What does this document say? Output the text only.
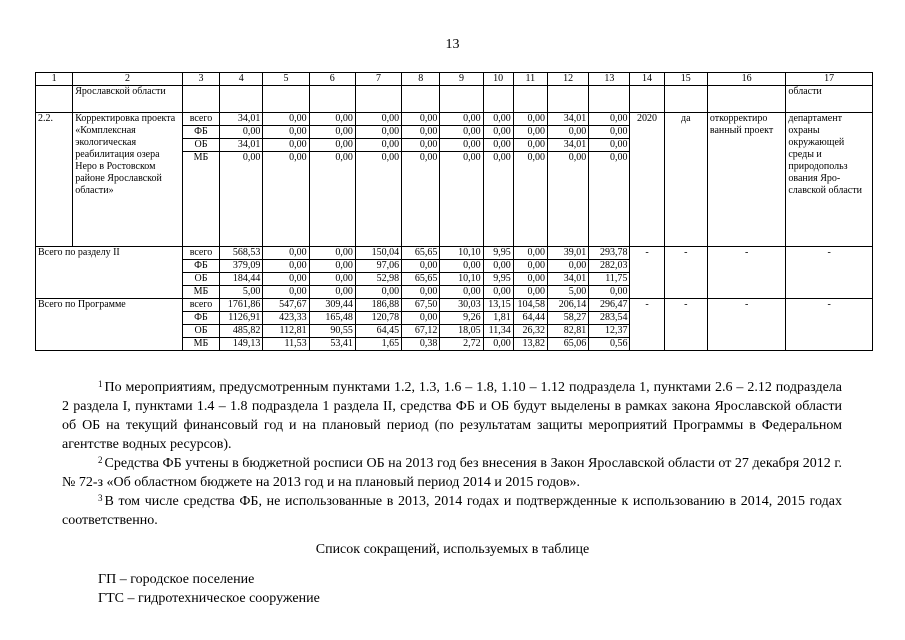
13
1	2	3	4	5	6	7	8	9	10	11	12	13	14	15	16	17
	Ярославской области															области
2.2.	Корректировка проекта «Комплексная экологическая реабилитация озера Неро в Ростовском районе Ярославской области»	всего	34,01	0,00	0,00	0,00	0,00	0,00	0,00	0,00	34,01	0,00	2020	да	откорректиро ванный проект	департамент охраны окружающей среды и природопольз ования Яро- славской области
		ФБ	0,00	0,00	0,00	0,00	0,00	0,00	0,00	0,00	0,00	0,00				
		ОБ	34,01	0,00	0,00	0,00	0,00	0,00	0,00	0,00	34,01	0,00				
		МБ	0,00	0,00	0,00	0,00	0,00	0,00	0,00	0,00	0,00	0,00				
Всего по разделу II		всего	568,53	0,00	0,00	150,04	65,65	10,10	9,95	0,00	39,01	293,78	-	-	-	-
		ФБ	379,09	0,00	0,00	97,06	0,00	0,00	0,00	0,00	0,00	282,03				
		ОБ	184,44	0,00	0,00	52,98	65,65	10,10	9,95	0,00	34,01	11,75				
		МБ	5,00	0,00	0,00	0,00	0,00	0,00	0,00	0,00	5,00	0,00				
Всего по Программе		всего	1761,86	547,67	309,44	186,88	67,50	30,03	13,15	104,58	206,14	296,47	-	-	-	-
		ФБ	1126,91	423,33	165,48	120,78	0,00	9,26	1,81	64,44	58,27	283,54				
		ОБ	485,82	112,81	90,55	64,45	67,12	18,05	11,34	26,32	82,81	12,37				
		МБ	149,13	11,53	53,41	1,65	0,38	2,72	0,00	13,82	65,06	0,56				

$^1$ По мероприятиям, предусмотренным пунктами 1.2, 1.3, 1.6 – 1.8, 1.10 – 1.12 подраздела 1, пунктами 2.6 – 2.12 подраздела 2 раздела I, пунктами 1.4 – 1.8 подраздела 1 раздела II, средства ФБ и ОБ будут выделены в рамках закона Ярославской области об ОБ на текущий финансовый год и на плановый период (по результатам защиты мероприятий Программы в Федеральном агентстве водных ресурсов).

$^2$ Средства ФБ учтены в бюджетной росписи ОБ на 2013 год без внесения в Закон Ярославской области от 27 декабря 2012 г. № 72-з «Об областном бюджете на 2013 год и на плановый период 2014 и 2015 годов».

$^3$ В том числе средства ФБ, не использованные в 2013, 2014 годах и подтвержденные к использованию в 2014, 2015 годах соответственно.

Список сокращений, используемых в таблице
ГП – городское поселение
ГТС – гидротехническое сооружение
